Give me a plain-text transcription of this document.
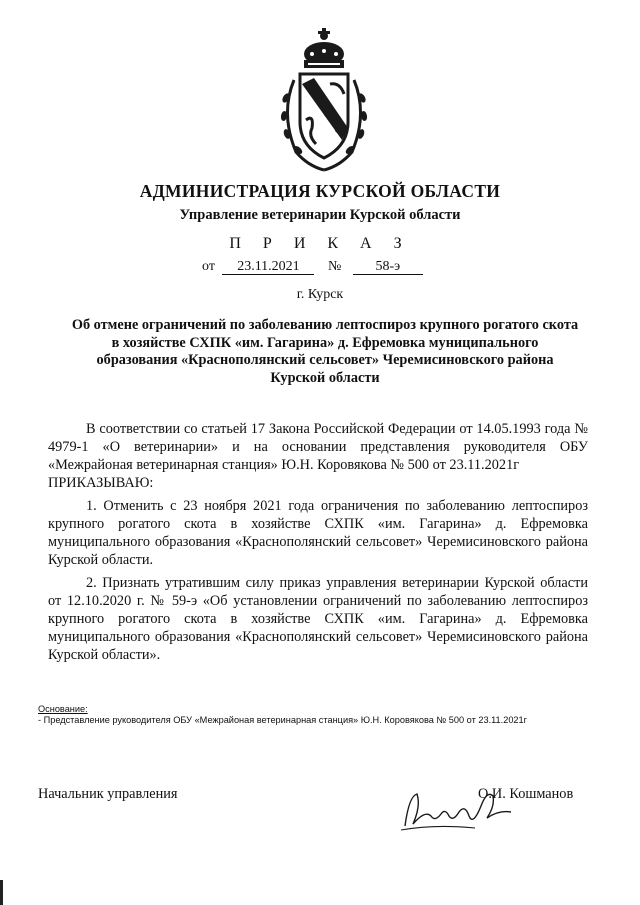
АДМИНИСТРАЦИЯ КУРСКОЙ ОБЛАСТИ
Управление ветеринарии Курской области
П Р И К А З
от 23.11.2021 № 58-э
г. Курск
Об отмене ограничений по заболеванию лептоспироз крупного рогатого скота в хозяйстве СХПК «им. Гагарина» д. Ефремовка муниципального образования «Краснополянский сельсовет» Черемисиновского района Курской области

В соответствии со статьей 17 Закона Российской Федерации от 14.05.1993 года № 4979-1 «О ветеринарии» и на основании представления руководителя ОБУ «Межрайоная ветеринарная станция» Ю.Н. Коровякова № 500 от 23.11.2021г

ПРИКАЗЫВАЮ:

1. Отменить с 23 ноября 2021 года ограничения по заболеванию лептоспироз крупного рогатого скота в хозяйстве СХПК «им. Гагарина» д. Ефремовка муниципального образования «Краснополянский сельсовет» Черемисиновского района Курской области.

2. Признать утратившим силу приказ управления ветеринарии Курской области от 12.10.2020 г. № 59-э «Об установлении ограничений по заболеванию лептоспироз крупного рогатого скота в хозяйстве СХПК «им. Гагарина» д. Ефремовка муниципального образования «Краснополянский сельсовет» Черемисиновского района Курской области».

Основание:
- Представление руководителя ОБУ «Межрайоная ветеринарная станция» Ю.Н. Коровякова № 500 от 23.11.2021г
Начальник управления	О.И. Кошманов
